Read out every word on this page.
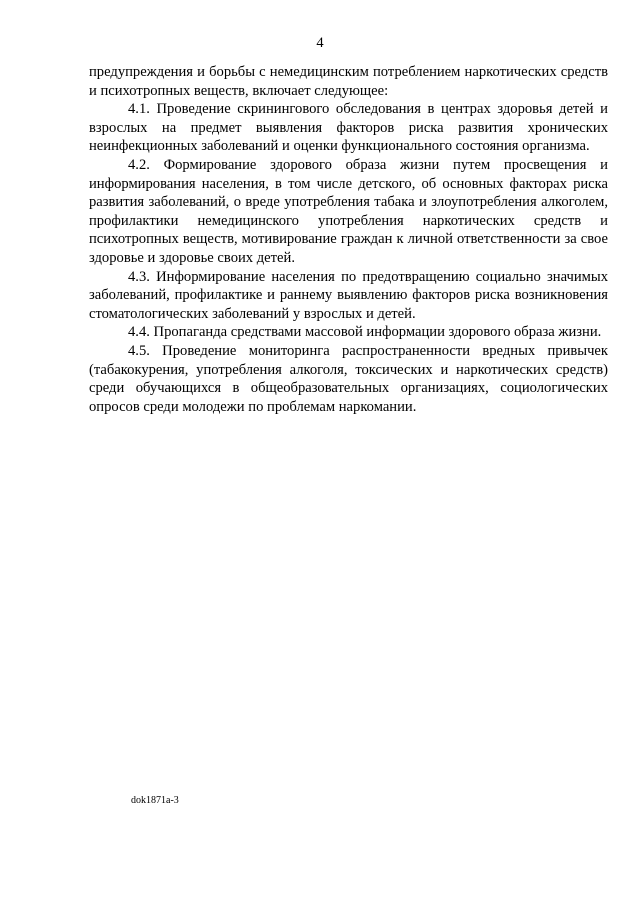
4

предупреждения и борьбы с немедицинским потреблением наркотических средств и психотропных веществ, включает следующее:

4.1. Проведение скринингового обследования в центрах здоровья детей и взрослых на предмет выявления факторов риска развития хронических неинфекционных заболеваний и оценки функционального состояния организма.

4.2. Формирование здорового образа жизни путем просвещения и информирования населения, в том числе детского, об основных факторах риска развития заболеваний, о вреде употребления табака и злоупотребления алкоголем, профилактики немедицинского употребления наркотических средств и психотропных веществ, мотивирование граждан к личной ответственности за свое здоровье и здоровье своих детей.

4.3. Информирование населения по предотвращению социально значимых заболеваний, профилактике и раннему выявлению факторов риска возникновения стоматологических заболеваний у взрослых и детей.

4.4. Пропаганда средствами массовой информации здорового образа жизни.

4.5. Проведение мониторинга распространенности вредных привычек (табакокурения, употребления алкоголя, токсических и наркотических средств) среди обучающихся в общеобразовательных организациях, социологических опросов среди молодежи по проблемам наркомании.

dok1871a-3
